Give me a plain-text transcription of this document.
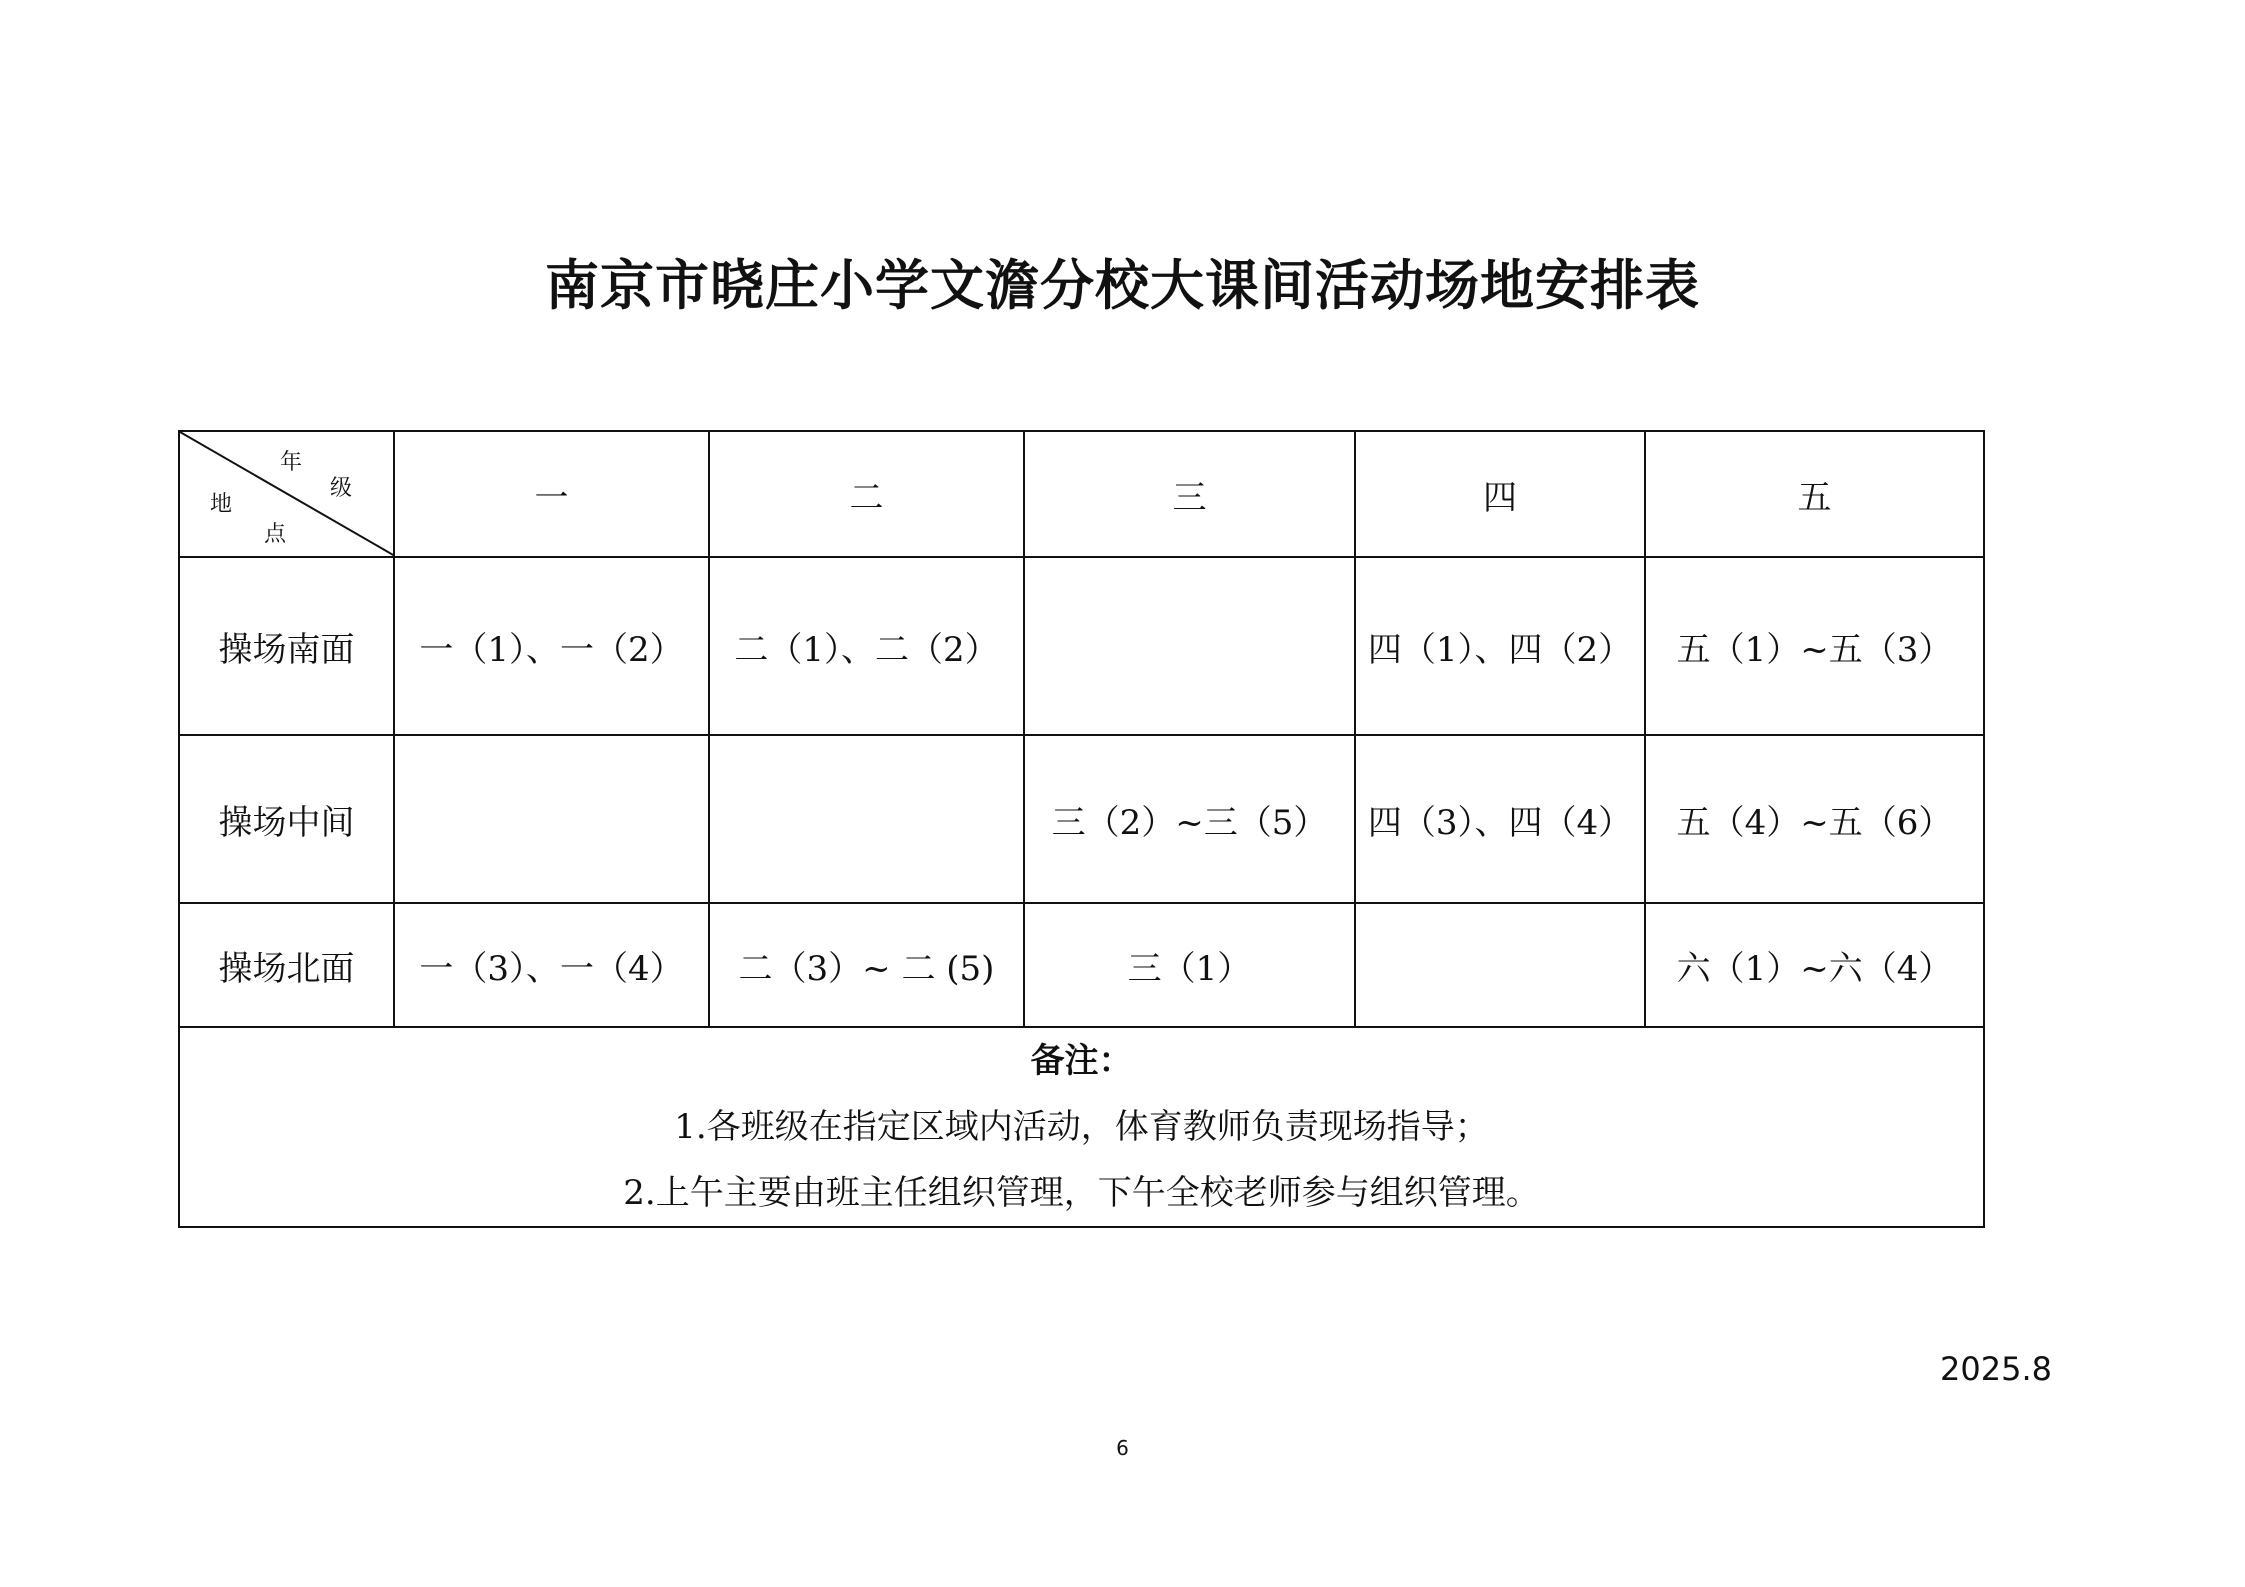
南京市晓庄小学文澹分校大课间活动场地安排表
年
级
地
点	一	二	三	四	五
操场南面	一（1）、一（2）	二（1）、二（2）		四（1）、四（2）	五（1）~五（3）
操场中间			三（2）~三（5）	四（3）、四（4）	五（4）~五（6）
操场北面	一（3）、一（4）	二（3）~ 二 (5)	三（1）		六（1）~六（4）

备注：
1.各班级在指定区域内活动，体育教师负责现场指导；
2.上午主要由班主任组织管理，下午全校老师参与组织管理。					
2025.8
6
